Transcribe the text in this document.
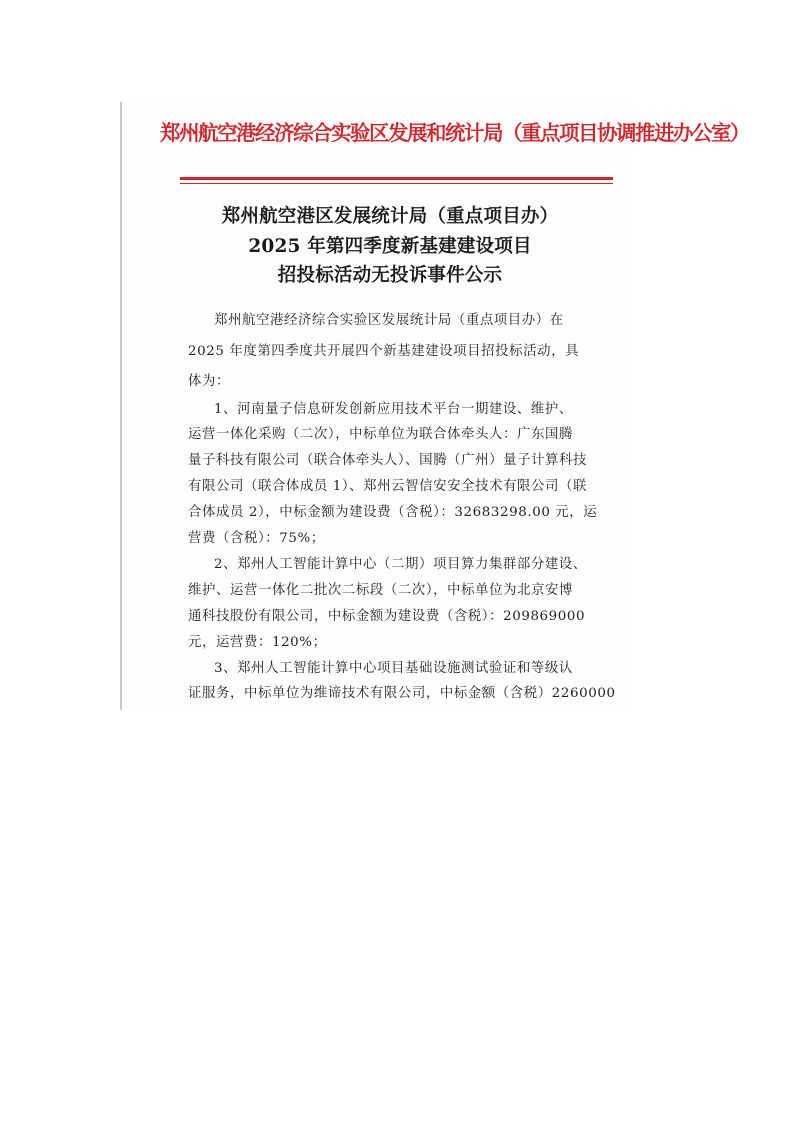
郑州航空港经济综合实验区发展和统计局（重点项目协调推进办公室）
郑州航空港区发展统计局（重点项目办）
2025 年第四季度新基建建设项目
招投标活动无投诉事件公示
郑州航空港经济综合实验区发展统计局（重点项目办）在
2025 年度第四季度共开展四个新基建建设项目招投标活动，具
体为：
1、河南量子信息研发创新应用技术平台一期建设、维护、
运营一体化采购（二次），中标单位为联合体牵头人：广东国腾
量子科技有限公司（联合体牵头人）、国腾（广州）量子计算科技
有限公司（联合体成员 1）、郑州云智信安安全技术有限公司（联
合体成员 2），中标金额为建设费（含税）：32683298.00 元，运
营费（含税）：75%；
2、郑州人工智能计算中心（二期）项目算力集群部分建设、
维护、运营一体化二批次二标段（二次），中标单位为北京安博
通科技股份有限公司，中标金额为建设费（含税）：209869000
元，运营费：120%；
3、郑州人工智能计算中心项目基础设施测试验证和等级认
证服务，中标单位为维谛技术有限公司，中标金额（含税）2260000
